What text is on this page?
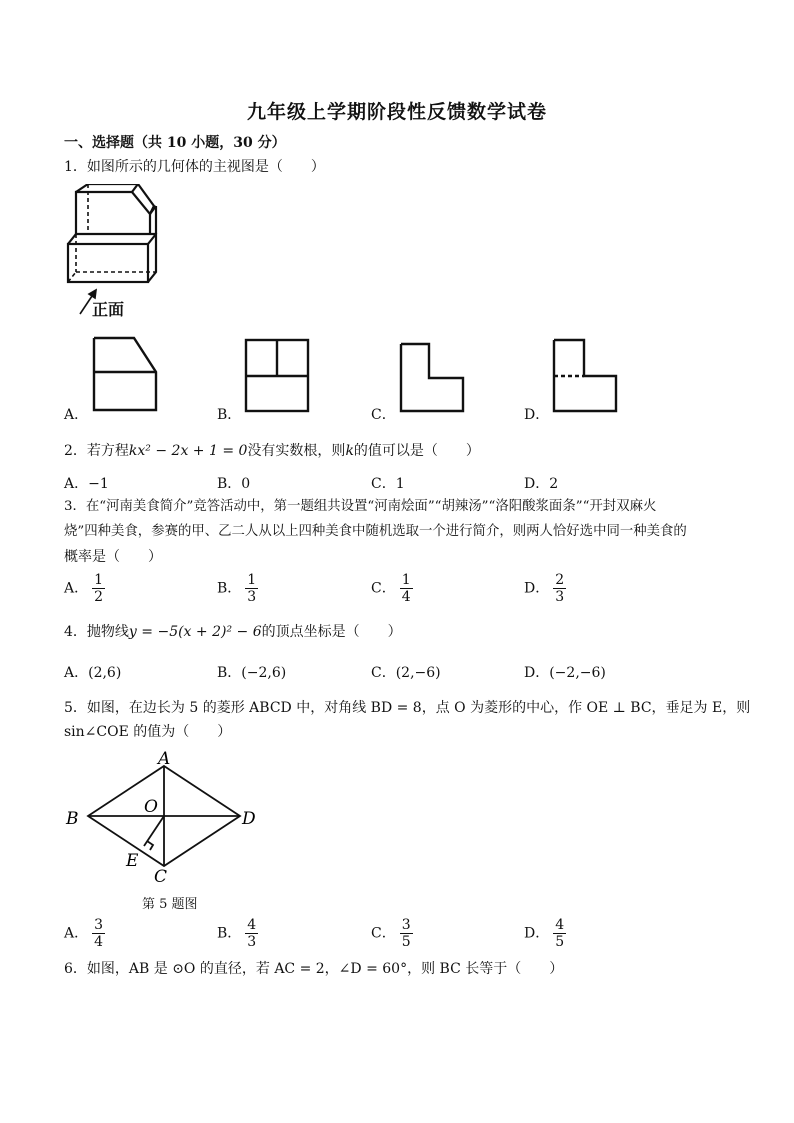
九年级上学期阶段性反馈数学试卷
一、选择题（共 10 小题，30 分）
1．如图所示的几何体的主视图是（　　）
正面
A．	B．	C．	D．
2．若方程kx² − 2x + 1 = 0没有实数根，则k的值可以是（　　）
A．−1	B．0	C．1	D．2
3．在“河南美食简介”竞答活动中，第一题组共设置“河南烩面”“胡辣汤”“洛阳酸浆面条”“开封双麻火
烧”四种美食，参赛的甲、乙二人从以上四种美食中随机选取一个进行简介，则两人恰好选中同一种美食的
概率是（　　）
A． $\frac{1}{2}$	B． $\frac{1}{3}$	C． $\frac{1}{4}$	D． $\frac{2}{3}$
4．抛物线y = −5(x + 2)² − 6的顶点坐标是（　　）
A．(2,6)	B．(−2,6)	C．(2,−6)	D．(−2,−6)
5．如图，在边长为 5 的菱形 ABCD 中，对角线 BD = 8，点 O 为菱形的中心，作 OE ⊥ BC，垂足为 E，则
sin∠COE 的值为（　　）
A
B
O
D
E
C
第 5 题图
A． $\frac{3}{4}$	B． $\frac{4}{3}$	C． $\frac{3}{5}$	D． $\frac{4}{5}$
6．如图，AB 是 ⊙O 的直径，若 AC = 2，∠D = 60°，则 BC 长等于（　　）
